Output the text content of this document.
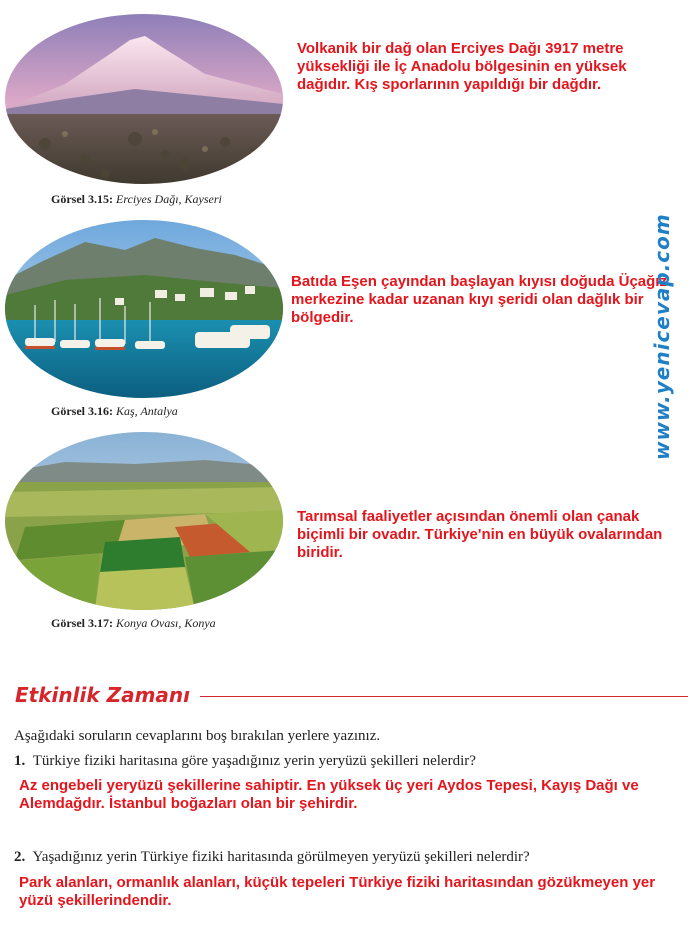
Görsel 3.15: Erciyes Dağı, Kayseri
Volkanik bir dağ olan Erciyes Dağı 3917 metre yüksekliği ile İç Anadolu bölgesinin en yüksek dağıdır. Kış sporlarının yapıldığı bir dağdır.
Görsel 3.16: Kaş, Antalya
Batıda Eşen çayından başlayan kıyısı doğuda Üçağız merkezine kadar uzanan kıyı şeridi olan dağlık bir bölgedir.
Görsel 3.17: Konya Ovası, Konya
Tarımsal faaliyetler açısından önemli olan çanak biçimli bir ovadır. Türkiye'nin en büyük ovalarından biridir.
www.yenicevap.com
Etkinlik Zamanı
Aşağıdaki soruların cevaplarını boş bırakılan yerlere yazınız.
1. Türkiye fiziki haritasına göre yaşadığınız yerin yeryüzü şekilleri nelerdir?
Az engebeli yeryüzü şekillerine sahiptir. En yüksek üç yeri Aydos Tepesi, Kayış Dağı ve Alemdağdır. İstanbul boğazları olan bir şehirdir.
2. Yaşadığınız yerin Türkiye fiziki haritasında görülmeyen yeryüzü şekilleri nelerdir?
Park alanları, ormanlık alanları, küçük tepeleri Türkiye fiziki haritasından gözükmeyen yer yüzü şekillerindendir.
